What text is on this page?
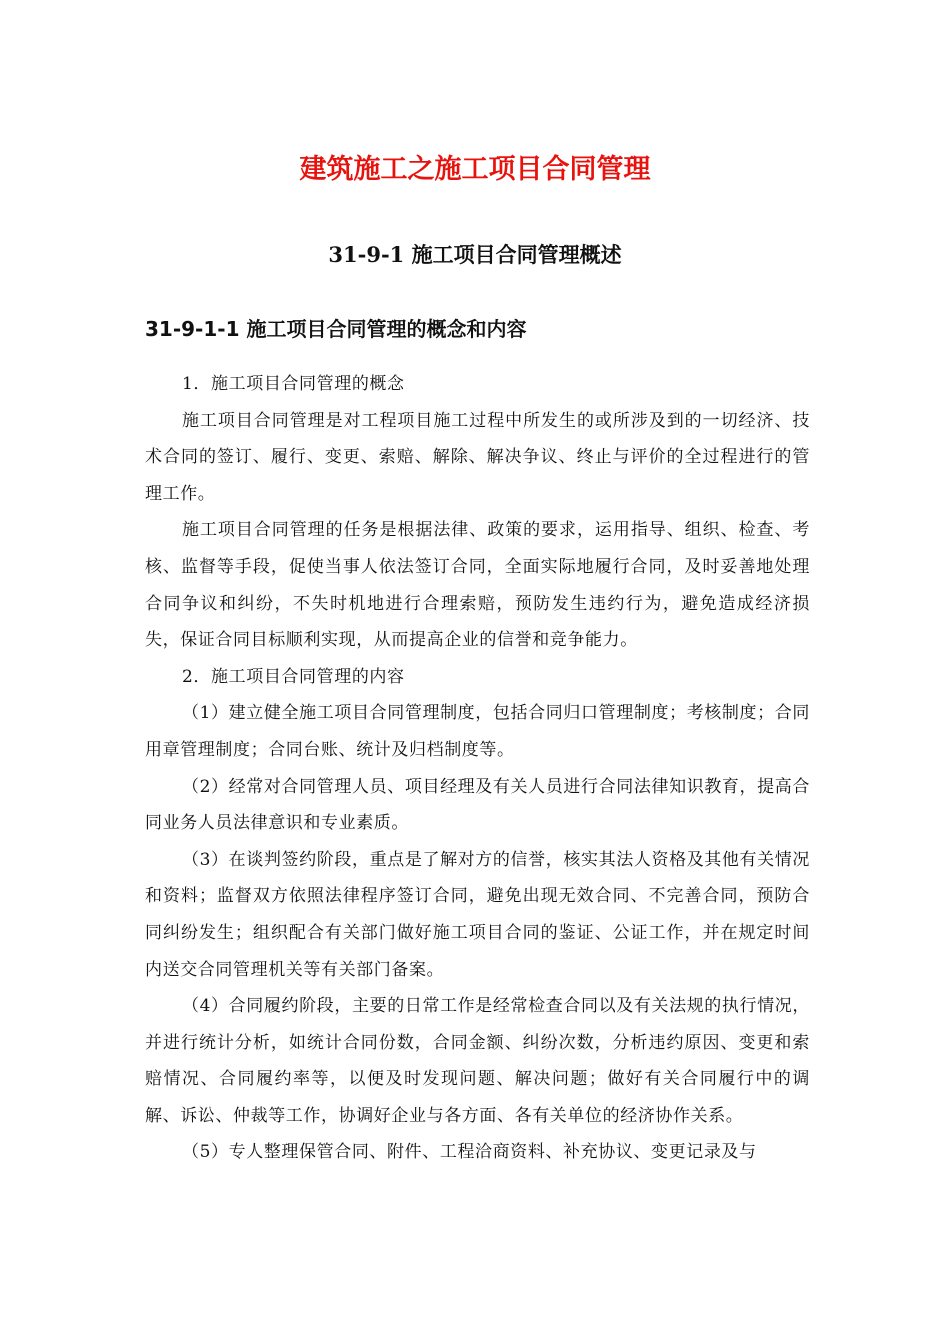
建筑施工之施工项目合同管理
31-9-1 施工项目合同管理概述
31-9-1-1 施工项目合同管理的概念和内容

1．施工项目合同管理的概念

施工项目合同管理是对工程项目施工过程中所发生的或所涉及到的一切经济、技术合同的签订、履行、变更、索赔、解除、解决争议、终止与评价的全过程进行的管理工作。

施工项目合同管理的任务是根据法律、政策的要求，运用指导、组织、检查、考核、监督等手段，促使当事人依法签订合同，全面实际地履行合同，及时妥善地处理合同争议和纠纷，不失时机地进行合理索赔，预防发生违约行为，避免造成经济损失，保证合同目标顺利实现，从而提高企业的信誉和竞争能力。

2．施工项目合同管理的内容

（1）建立健全施工项目合同管理制度，包括合同归口管理制度；考核制度；合同用章管理制度；合同台账、统计及归档制度等。

（2）经常对合同管理人员、项目经理及有关人员进行合同法律知识教育，提高合同业务人员法律意识和专业素质。

（3）在谈判签约阶段，重点是了解对方的信誉，核实其法人资格及其他有关情况和资料；监督双方依照法律程序签订合同，避免出现无效合同、不完善合同，预防合同纠纷发生；组织配合有关部门做好施工项目合同的鉴证、公证工作，并在规定时间内送交合同管理机关等有关部门备案。

（4）合同履约阶段，主要的日常工作是经常检查合同以及有关法规的执行情况，并进行统计分析，如统计合同份数，合同金额、纠纷次数，分析违约原因、变更和索赔情况、合同履约率等，以便及时发现问题、解决问题；做好有关合同履行中的调解、诉讼、仲裁等工作，协调好企业与各方面、各有关单位的经济协作关系。

（5）专人整理保管合同、附件、工程洽商资料、补充协议、变更记录及与
